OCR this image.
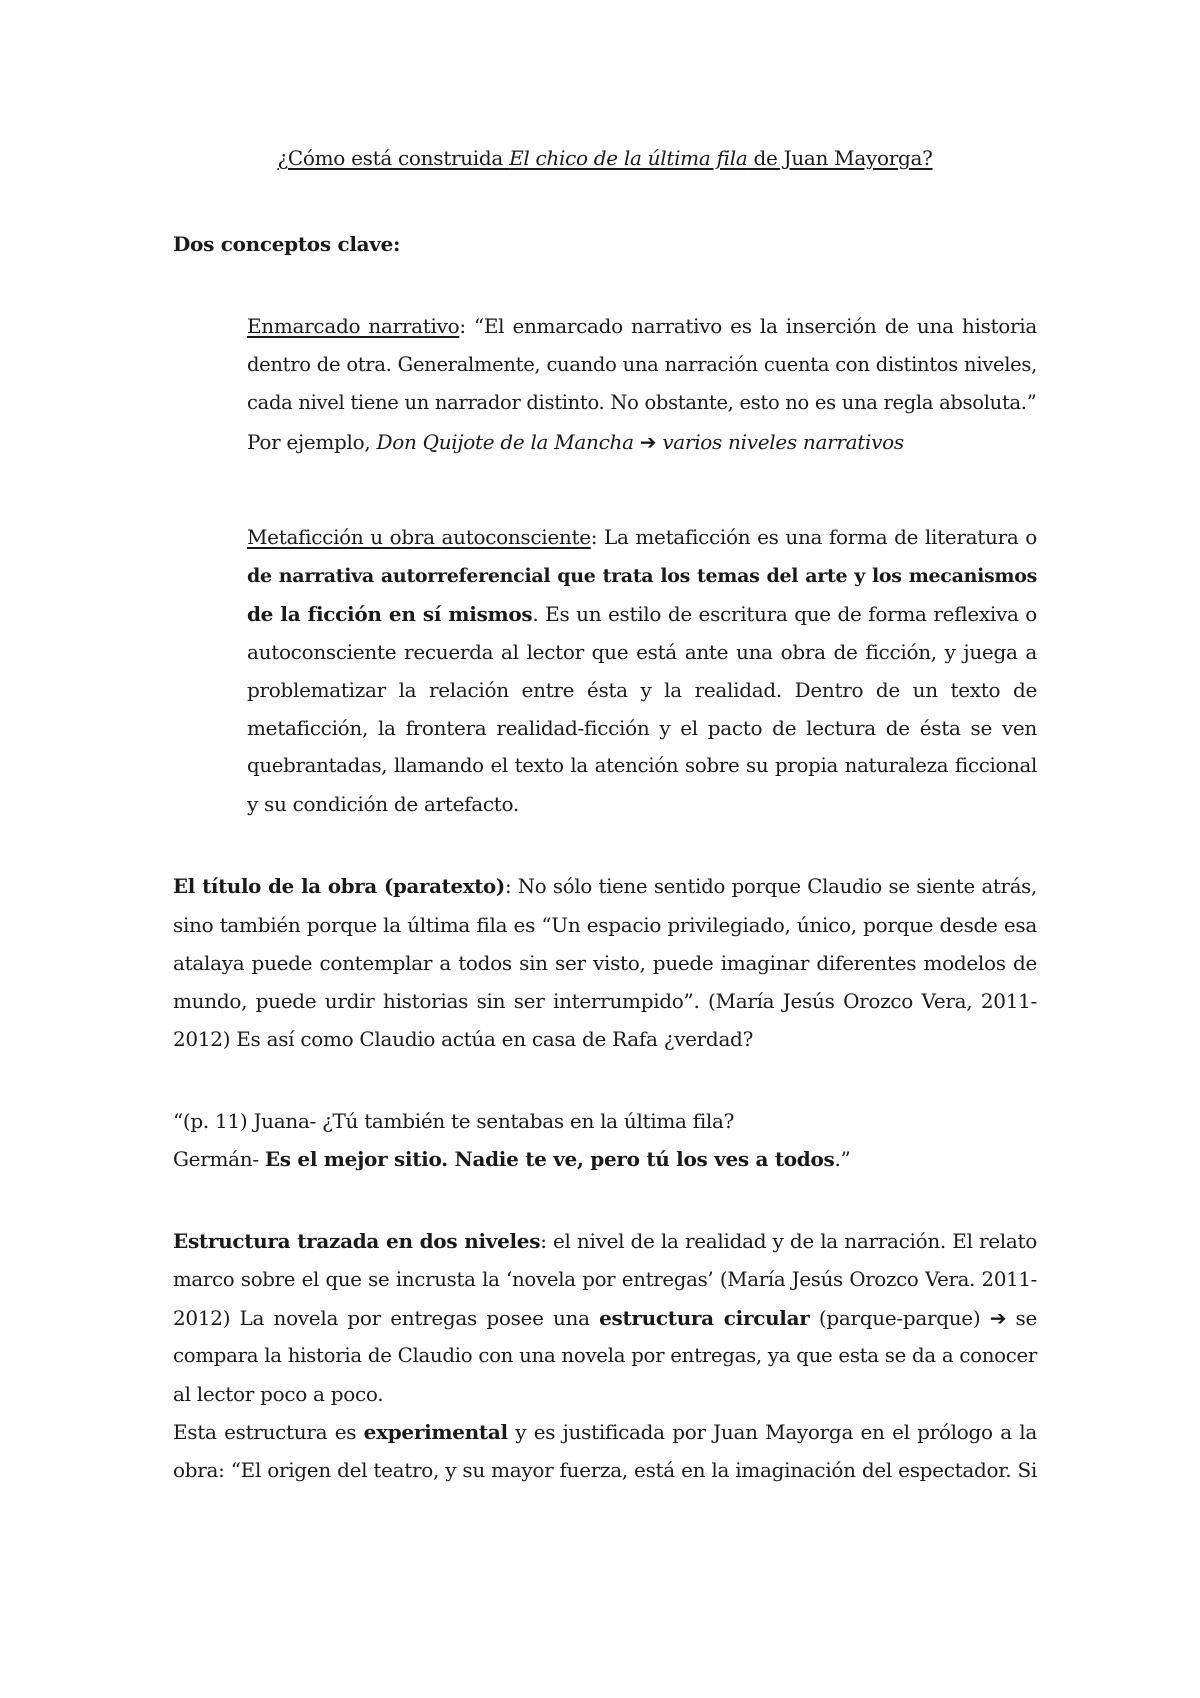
¿Cómo está construida El chico de la última fila de Juan Mayorga?
Dos conceptos clave:
Enmarcado narrativo: “El enmarcado narrativo es la inserción de una historia
dentro de otra. Generalmente, cuando una narración cuenta con distintos niveles,
cada nivel tiene un narrador distinto. No obstante, esto no es una regla absoluta.”
Por ejemplo, Don Quijote de la Mancha ➔ varios niveles narrativos
Metaficción u obra autoconsciente: La metaficción es una forma de literatura o
de narrativa autorreferencial que trata los temas del arte y los mecanismos
de la ficción en sí mismos. Es un estilo de escritura que de forma reflexiva o
autoconsciente recuerda al lector que está ante una obra de ficción, y juega a
problematizar la relación entre ésta y la realidad. Dentro de un texto de
metaficción, la frontera realidad-ficción y el pacto de lectura de ésta se ven
quebrantadas, llamando el texto la atención sobre su propia naturaleza ficcional
y su condición de artefacto.
El título de la obra (paratexto): No sólo tiene sentido porque Claudio se siente atrás,
sino también porque la última fila es “Un espacio privilegiado, único, porque desde esa
atalaya puede contemplar a todos sin ser visto, puede imaginar diferentes modelos de
mundo, puede urdir historias sin ser interrumpido”. (María Jesús Orozco Vera, 2011-
2012) Es así como Claudio actúa en casa de Rafa ¿verdad?
“(p. 11) Juana- ¿Tú también te sentabas en la última fila?
Germán- Es el mejor sitio. Nadie te ve, pero tú los ves a todos.”
Estructura trazada en dos niveles: el nivel de la realidad y de la narración. El relato
marco sobre el que se incrusta la ‘novela por entregas’ (María Jesús Orozco Vera. 2011-
2012) La novela por entregas posee una estructura circular (parque-parque) ➔ se
compara la historia de Claudio con una novela por entregas, ya que esta se da a conocer
al lector poco a poco.
Esta estructura es experimental y es justificada por Juan Mayorga en el prólogo a la
obra: “El origen del teatro, y su mayor fuerza, está en la imaginación del espectador. Si
